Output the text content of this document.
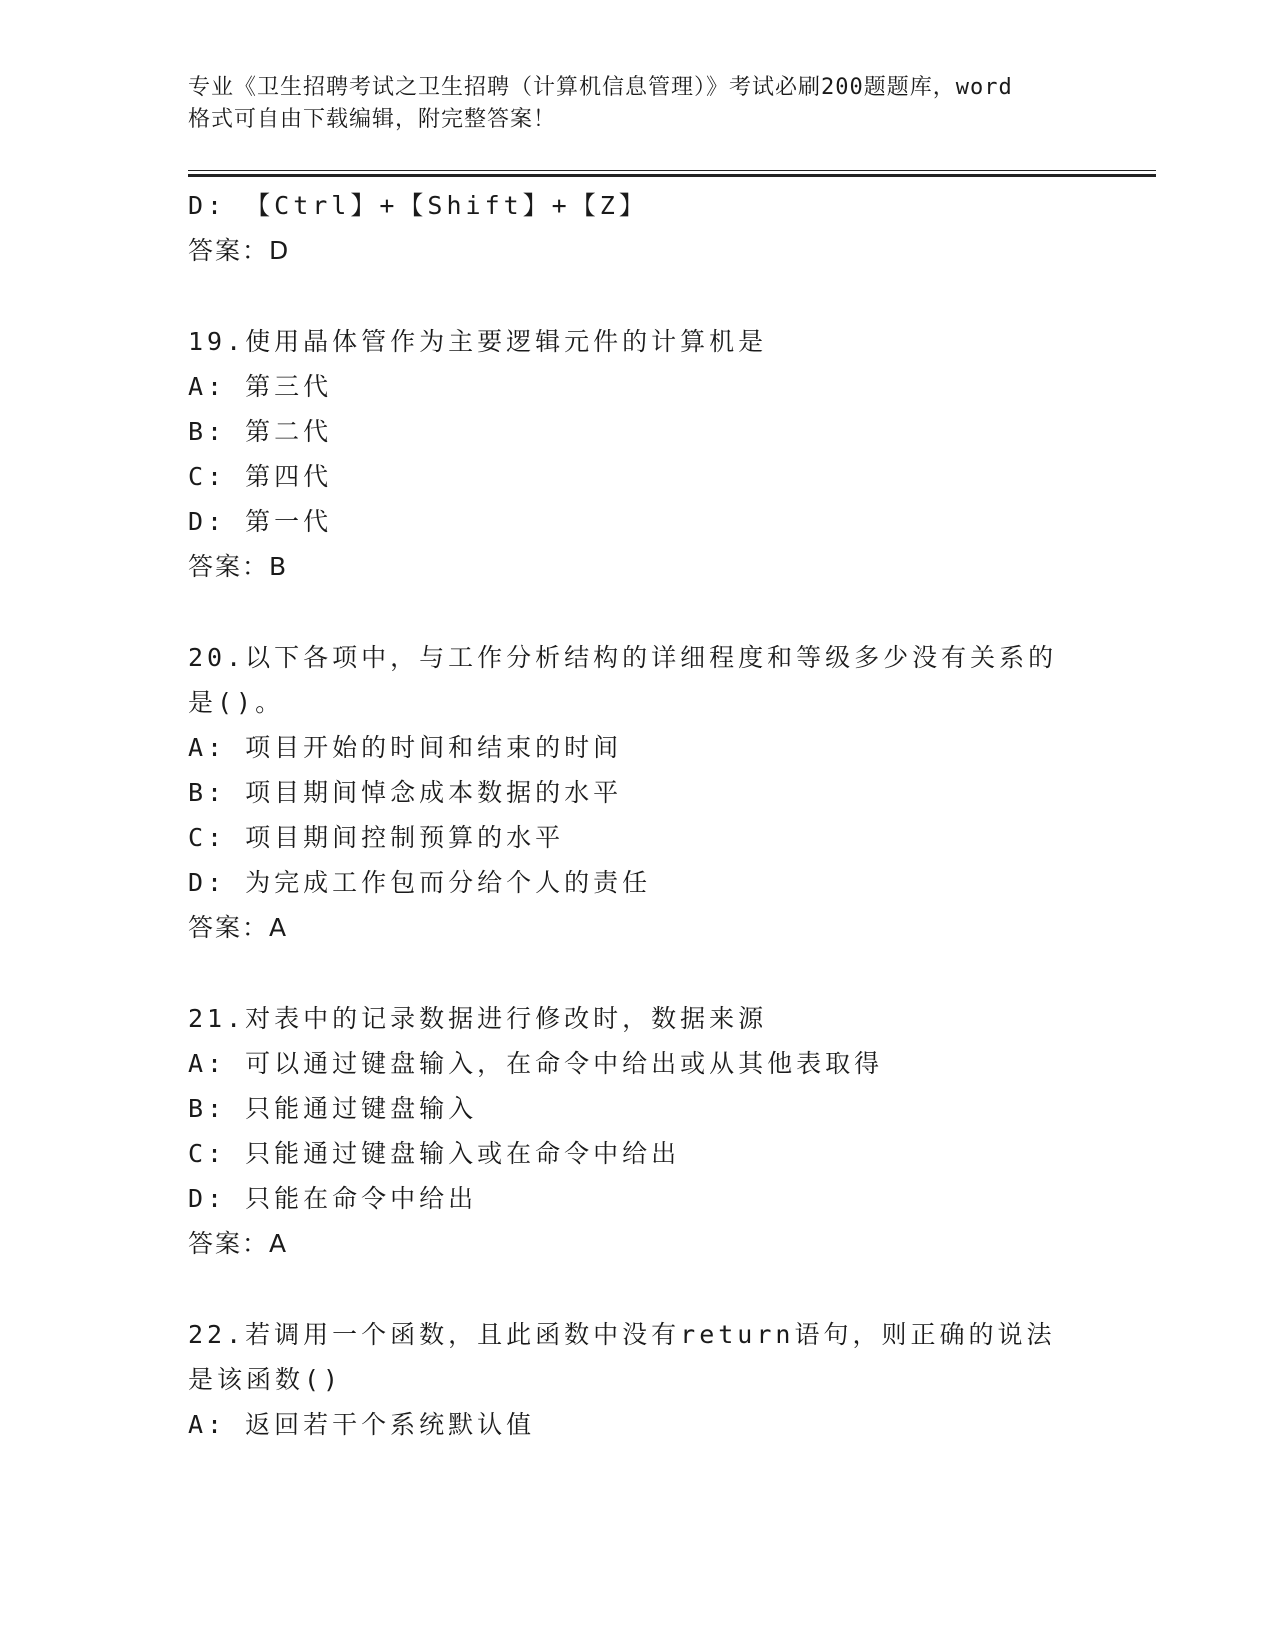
专业《卫生招聘考试之卫生招聘（计算机信息管理）》考试必刷200题题库，word
格式可自由下载编辑，附完整答案！
D: 【Ctrl】+【Shift】+【Z】
答案：D
19.使用晶体管作为主要逻辑元件的计算机是
A: 第三代
B: 第二代
C: 第四代
D: 第一代
答案：B
20.以下各项中，与工作分析结构的详细程度和等级多少没有关系的是()。
A: 项目开始的时间和结束的时间
B: 项目期间悼念成本数据的水平
C: 项目期间控制预算的水平
D: 为完成工作包而分给个人的责任
答案：A
21.对表中的记录数据进行修改时，数据来源
A: 可以通过键盘输入，在命令中给出或从其他表取得
B: 只能通过键盘输入
C: 只能通过键盘输入或在命令中给出
D: 只能在命令中给出
答案：A
22.若调用一个函数，且此函数中没有return语句，则正确的说法是该函数()
A: 返回若干个系统默认值
